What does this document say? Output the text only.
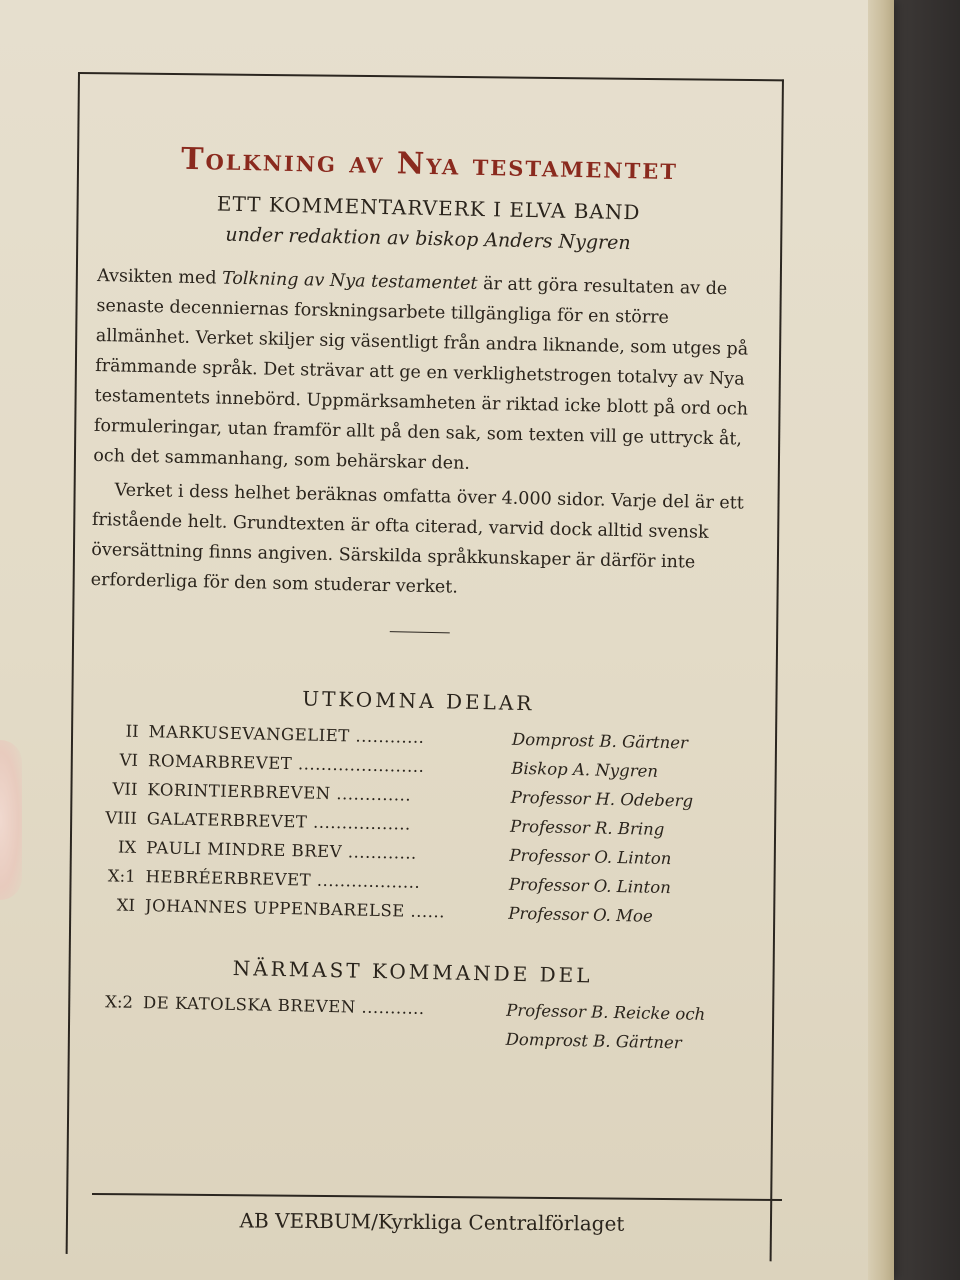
Tolkning av Nya testamentet

ETT KOMMENTARVERK I ELVA BAND

under redaktion av biskop Anders Nygren

Avsikten med Tolkning av Nya testamentet är att göra resultaten av de senaste decenniernas forskningsarbete tillgängliga för en större allmänhet. Verket skiljer sig väsentligt från andra liknande, som utges på främmande språk. Det strävar att ge en verklighetstrogen totalvy av Nya testamentets innebörd. Uppmärksamheten är riktad icke blott på ord och formuleringar, utan framför allt på den sak, som texten vill ge uttryck åt, och det sammanhang, som behärskar den.

Verket i dess helhet beräknas omfatta över 4.000 sidor. Varje del är ett fristående helt. Grundtexten är ofta citerad, varvid dock alltid svensk översättning finns angiven. Särskilda språkkunskaper är därför inte erforderliga för den som studerar verket.

UTKOMNA DELAR
II MARKUSEVANGELIET ............	Domprost B. Gärtner
VI ROMARBREVET ......................	Biskop A. Nygren
VII KORINTIERBREVEN .............	Professor H. Odeberg
VIII GALATERBREVET .................	Professor R. Bring
IX PAULI MINDRE BREV ............	Professor O. Linton
X:1 HEBRÉERBREVET ..................	Professor O. Linton
XI JOHANNES UPPENBARELSE ......	Professor O. Moe
NÄRMAST KOMMANDE DEL
X:2 DE KATOLSKA BREVEN ...........	Professor B. Reicke och
Domprost B. Gärtner
AB VERBUM/Kyrkliga Centralförlaget
